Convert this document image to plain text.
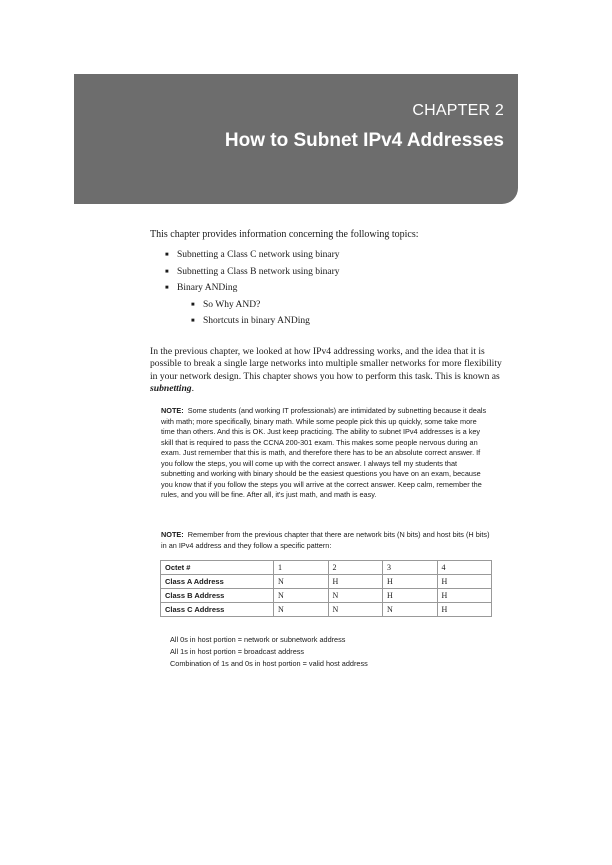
CHAPTER 2
How to Subnet IPv4 Addresses
This chapter provides information concerning the following topics:
■ Subnetting a Class C network using binary
■ Subnetting a Class B network using binary
■ Binary ANDing
■ So Why AND?
■ Shortcuts in binary ANDing

In the previous chapter, we looked at how IPv4 addressing works, and the idea that it is possible to break a single large networks into multiple smaller networks for more flexibility in your network design. This chapter shows you how to perform this task. This is known as subnetting.

NOTE: Some students (and working IT professionals) are intimidated by subnetting because it deals with math; more specifically, binary math. While some people pick this up quickly, some take more time than others. And this is OK. Just keep practicing. The ability to subnet IPv4 addresses is a key skill that is required to pass the CCNA 200-301 exam. This makes some people nervous during an exam. Just remember that this is math, and therefore there has to be an absolute correct answer. If you follow the steps, you will come up with the correct answer. I always tell my students that subnetting and working with binary should be the easiest questions you have on an exam, because you know that if you follow the steps you will arrive at the correct answer. Keep calm, remember the rules, and you will be fine. After all, it's just math, and math is easy.

NOTE: Remember from the previous chapter that there are network bits (N bits) and host bits (H bits) in an IPv4 address and they follow a specific pattern:

Octet #	1	2	3	4
Class A Address	N	H	H	H
Class B Address	N	N	H	H
Class C Address	N	N	N	H
All 0s in host portion = network or subnetwork address
All 1s in host portion = broadcast address
Combination of 1s and 0s in host portion = valid host address
